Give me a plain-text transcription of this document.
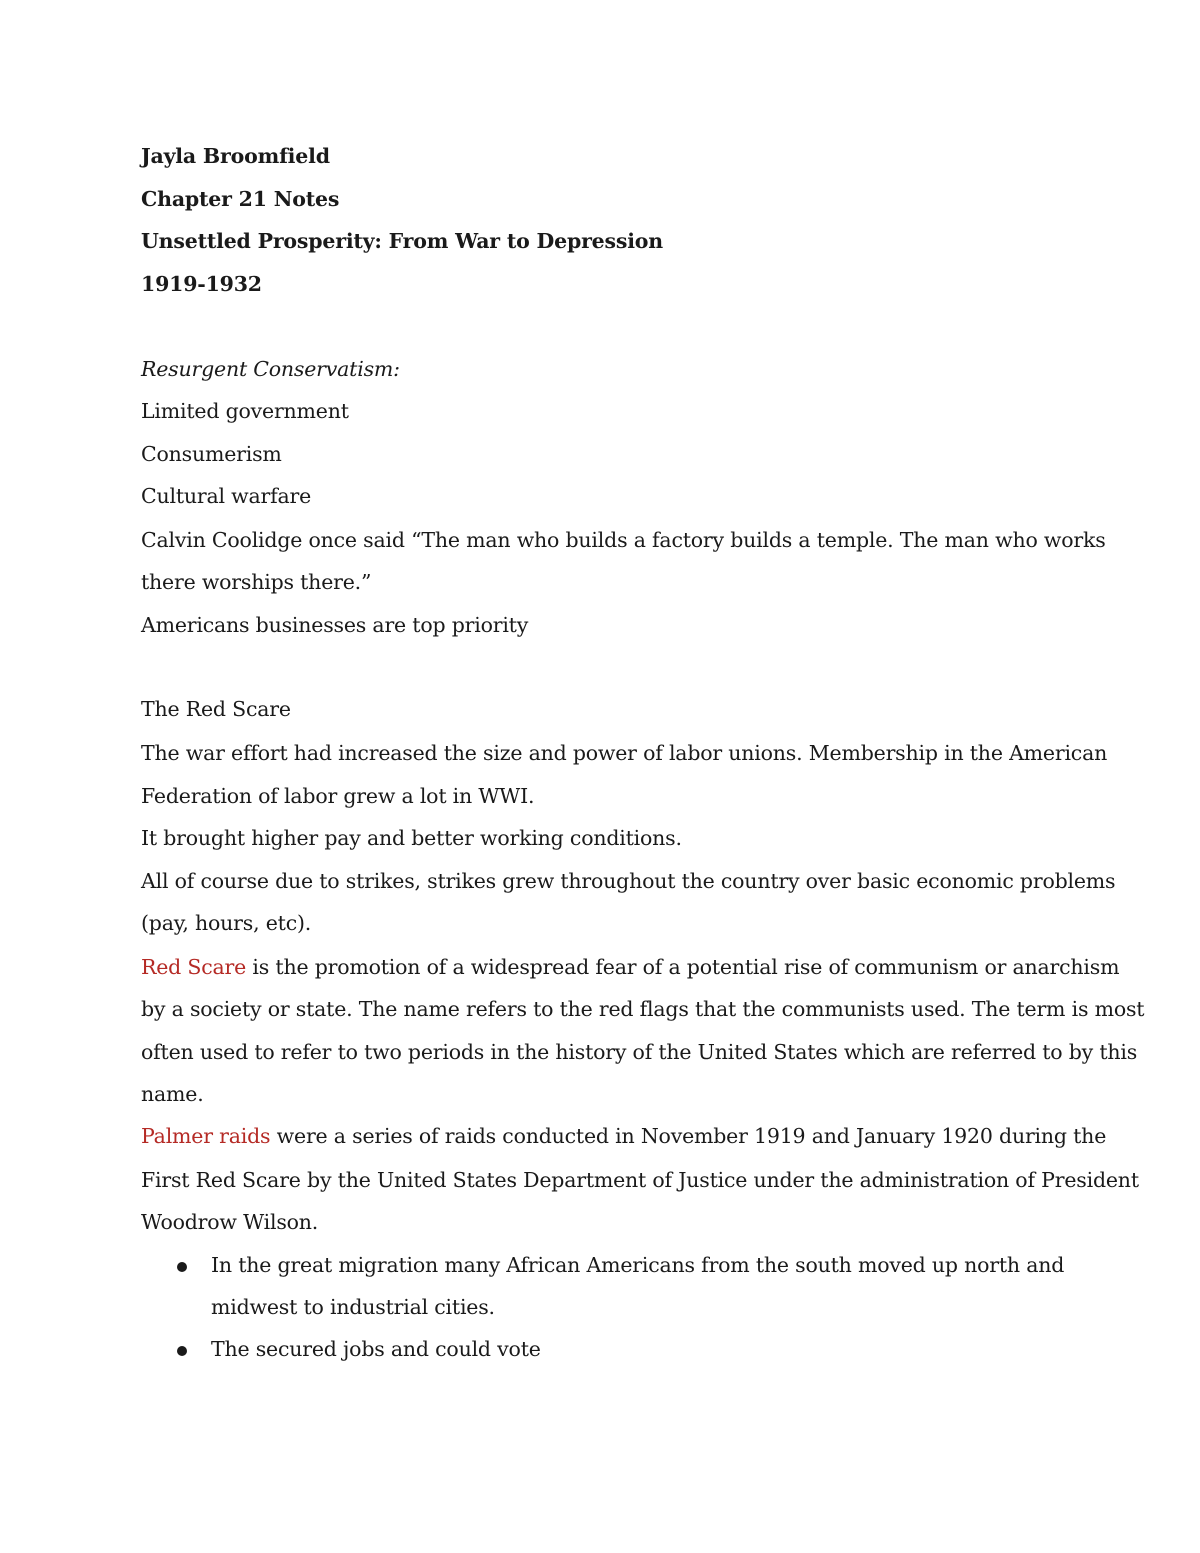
Jayla Broomfield
Chapter 21 Notes
Unsettled Prosperity: From War to Depression
1919-1932
Resurgent Conservatism:
Limited government
Consumerism
Cultural warfare
Calvin Coolidge once said “The man who builds a factory builds a temple. The man who works
there worships there.”
Americans businesses are top priority
The Red Scare
The war effort had increased the size and power of labor unions. Membership in the American
Federation of labor grew a lot in WWI.
It brought higher pay and better working conditions.
All of course due to strikes, strikes grew throughout the country over basic economic problems
(pay, hours, etc).
Red Scare is the promotion of a widespread fear of a potential rise of communism or anarchism
by a society or state. The name refers to the red flags that the communists used. The term is most
often used to refer to two periods in the history of the United States which are referred to by this
name.
Palmer raids were a series of raids conducted in November 1919 and January 1920 during the
First Red Scare by the United States Department of Justice under the administration of President
Woodrow Wilson.
In the great migration many African Americans from the south moved up north and
midwest to industrial cities.
The secured jobs and could vote
